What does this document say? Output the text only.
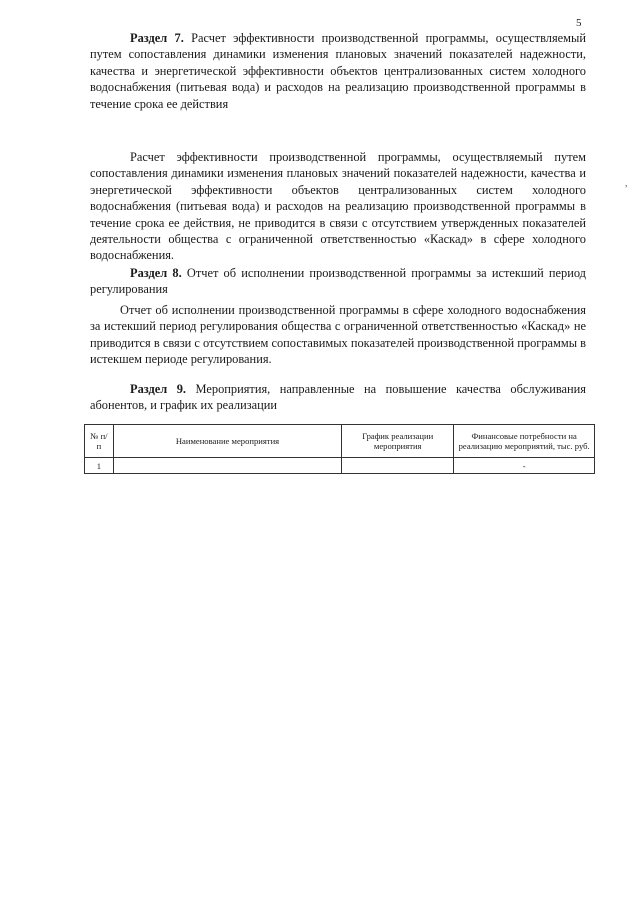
5
,
Раздел 7. Расчет эффективности производственной программы, осуществляемый путем сопоставления динамики изменения плановых значений показателей надежности, качества и энергетической эффективности объектов централизованных систем холодного водоснабжения (питьевая вода) и расходов на реализацию производственной программы в течение срока ее действия
Расчет эффективности производственной программы, осуществляемый путем сопоставления динамики изменения плановых значений показателей надежности, качества и энергетической эффективности объектов централизованных систем холодного водоснабжения (питьевая вода) и расходов на реализацию производственной программы в течение срока ее действия, не приводится в связи с отсутствием утвержденных показателей деятельности общества с ограниченной ответственностью «Каскад» в сфере холодного водоснабжения.
Раздел 8. Отчет об исполнении производственной программы за истекший период регулирования
Отчет об исполнении производственной программы в сфере холодного водоснабжения за истекший период регулирования общества с ограниченной ответственностью «Каскад» не приводится в связи с отсутствием сопоставимых показателей производственной программы в истекшем периоде регулирования.
Раздел 9. Мероприятия, направленные на повышение качества обслуживания абонентов, и график их реализации
№ п/п	Наименование мероприятия	График реализации мероприятия	Финансовые потребности на реализацию мероприятий, тыс. руб.
1			-
